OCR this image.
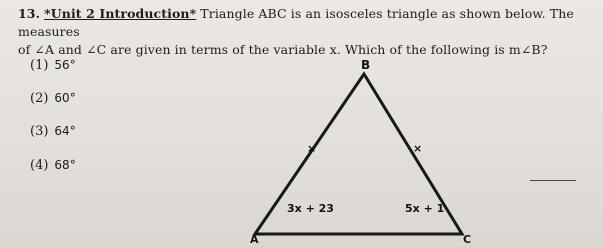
13. *Unit 2 Introduction* Triangle ABC is an isosceles triangle as shown below. The measures
of ∠A and ∠C are given in terms of the variable x. Which of the following is m∠B?
(1) 56°
(2) 60°
(3) 64°
(4) 68°
B
A	C
×	×
3x + 23	5x + 1
